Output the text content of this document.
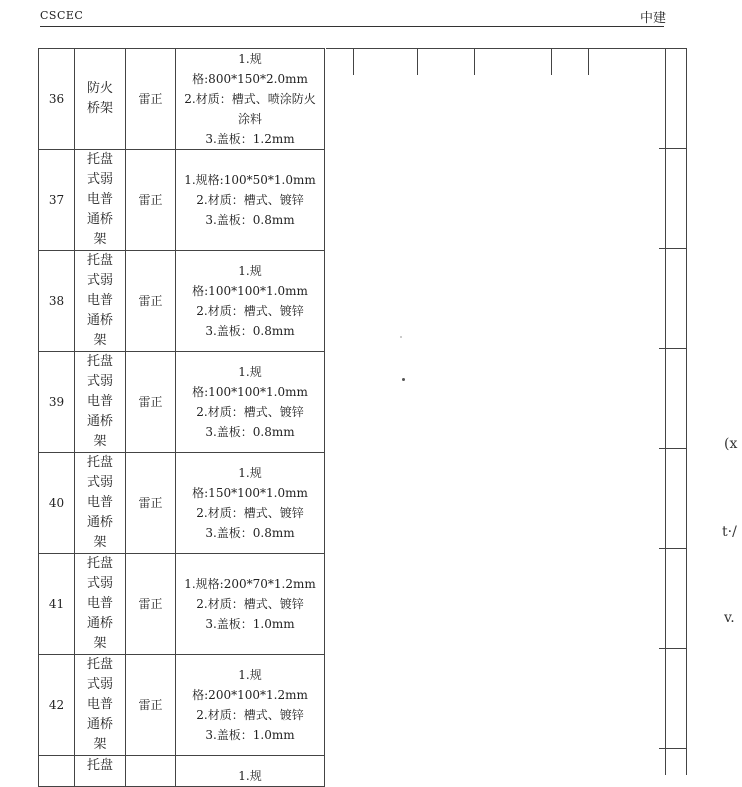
CSCEC	中建
36	防火桥架	雷正	1.规
格:800*150*2.0mm
2.材质：槽式、喷涂防火涂料
3.盖板：1.2mm

37	托盘式弱电普通桥架	雷正	1.规格:100*50*1.0mm
2.材质：槽式、镀锌
3.盖板：0.8mm

38	托盘式弱电普通桥架	雷正	1.规
格:100*100*1.0mm
2.材质：槽式、镀锌
3.盖板：0.8mm

39	托盘式弱电普通桥架	雷正	1.规
格:100*100*1.0mm
2.材质：槽式、镀锌
3.盖板：0.8mm

40	托盘式弱电普通桥架	雷正	1.规
格:150*100*1.0mm
2.材质：槽式、镀锌
3.盖板：0.8mm

41	托盘式弱电普通桥架	雷正	1.规格:200*70*1.2mm
2.材质：槽式、镀锌
3.盖板：1.0mm

42	托盘式弱电普通桥架	雷正	1.规
格:200*100*1.2mm
2.材质：槽式、镀锌
3.盖板：1.0mm

	托盘		1.规
(x
t·/
v.
